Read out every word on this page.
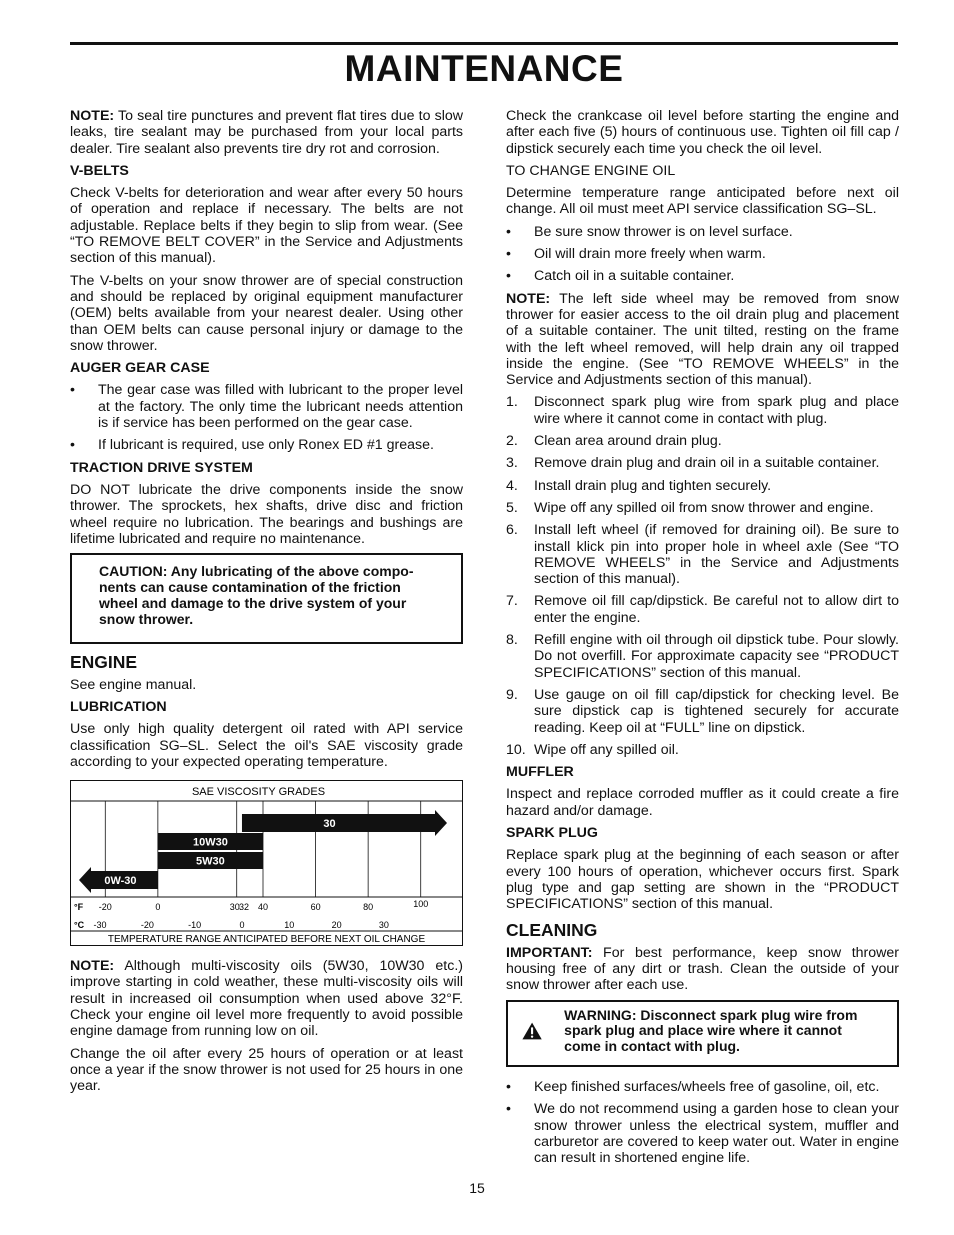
MAINTENANCE

NOTE: To seal tire punctures and prevent flat tires due to slow leaks, tire sealant may be purchased from your local parts dealer. Tire sealant also prevents tire dry rot and corrosion.

V-BELTS

Check V-belts for deterioration and wear after every 50 hours of operation and replace if necessary. The belts are not adjustable. Replace belts if they begin to slip from wear. (See “TO REMOVE BELT COVER” in the Service and Adjustments section of this manual).

The V-belts on your snow thrower are of special construction and should be replaced by original equipment manufacturer (OEM) belts available from your nearest dealer. Using other than OEM belts can cause personal injury or damage to the snow thrower.

AUGER GEAR CASE
• The gear case was filled with lubricant to the proper level at the factory. The only time the lubricant needs attention is if service has been performed on the gear case.
• If lubricant is required, use only Ronex ED #1 grease.
TRACTION DRIVE SYSTEM

DO NOT lubricate the drive components inside the snow thrower. The sprockets, hex shafts, drive disc and friction wheel require no lubrication. The bearings and bushings are lifetime lubricated and require no maintenance.

CAUTION: Any lubricating of the above components can cause contamination of the friction wheel and damage to the drive system of your snow thrower.
ENGINE

See engine manual.

LUBRICATION

Use only high quality detergent oil rated with API service classification SG–SL. Select the oil's SAE viscosity grade according to your expected operating temperature.

SAE VISCOSITY GRADES
30
10W30
5W30
0W-30
°F
°C
-20	0	30 32 40	60	80	100
-30	-20	-10	0	10	20	30
TEMPERATURE RANGE ANTICIPATED BEFORE NEXT OIL CHANGE

NOTE: Although multi-viscosity oils (5W30, 10W30 etc.) improve starting in cold weather, these multi-viscosity oils will result in increased oil consumption when used above 32°F. Check your engine oil level more frequently to avoid possible engine damage from running low on oil.

Change the oil after every 25 hours of operation or at least once a year if the snow thrower is not used for 25 hours in one year.

Check the crankcase oil level before starting the engine and after each five (5) hours of continuous use. Tighten oil fill cap / dipstick securely each time you check the oil level.

TO CHANGE ENGINE OIL

Determine temperature range anticipated before next oil change. All oil must meet API service classification SG–SL.

• Be sure snow thrower is on level surface.
• Oil will drain more freely when warm.
• Catch oil in a suitable container.

NOTE: The left side wheel may be removed from snow thrower for easier access to the oil drain plug and placement of a suitable container. The unit tilted, resting on the frame with the left wheel removed, will help drain any oil trapped inside the engine. (See “TO REMOVE WHEELS” in the Service and Adjustments section of this manual).

1. Disconnect spark plug wire from spark plug and place wire where it cannot come in contact with plug.
2. Clean area around drain plug.
3. Remove drain plug and drain oil in a suitable container.
4. Install drain plug and tighten securely.
5. Wipe off any spilled oil from snow thrower and engine.
6. Install left wheel (if removed for draining oil). Be sure to install klick pin into proper hole in wheel axle (See “TO REMOVE WHEELS” in the Service and Adjustments section of this manual).
7. Remove oil fill cap/dipstick. Be careful not to allow dirt to enter the engine.
8. Refill engine with oil through oil dipstick tube. Pour slowly. Do not overfill. For approximate capacity see “PRODUCT SPECIFICATIONS” section of this manual.
9. Use gauge on oil fill cap/dipstick for checking level. Be sure dipstick cap is tightened securely for accurate reading. Keep oil at “FULL” line on dipstick.
10. Wipe off any spilled oil.
MUFFLER

Inspect and replace corroded muffler as it could create a fire hazard and/or damage.

SPARK PLUG

Replace spark plug at the beginning of each season or after every 100 hours of operation, whichever occurs first. Spark plug type and gap setting are shown in the “PRODUCT SPECIFICATIONS” section of this manual.

CLEANING

IMPORTANT: For best performance, keep snow thrower housing free of any dirt or trash. Clean the outside of your snow thrower after each use.

WARNING: Disconnect spark plug wire from spark plug and place wire where it cannot come in contact with plug.
• Keep finished surfaces/wheels free of gasoline, oil, etc.
• We do not recommend using a garden hose to clean your snow thrower unless the electrical system, muffler and carburetor are covered to keep water out. Water in engine can result in shortened engine life.
15
